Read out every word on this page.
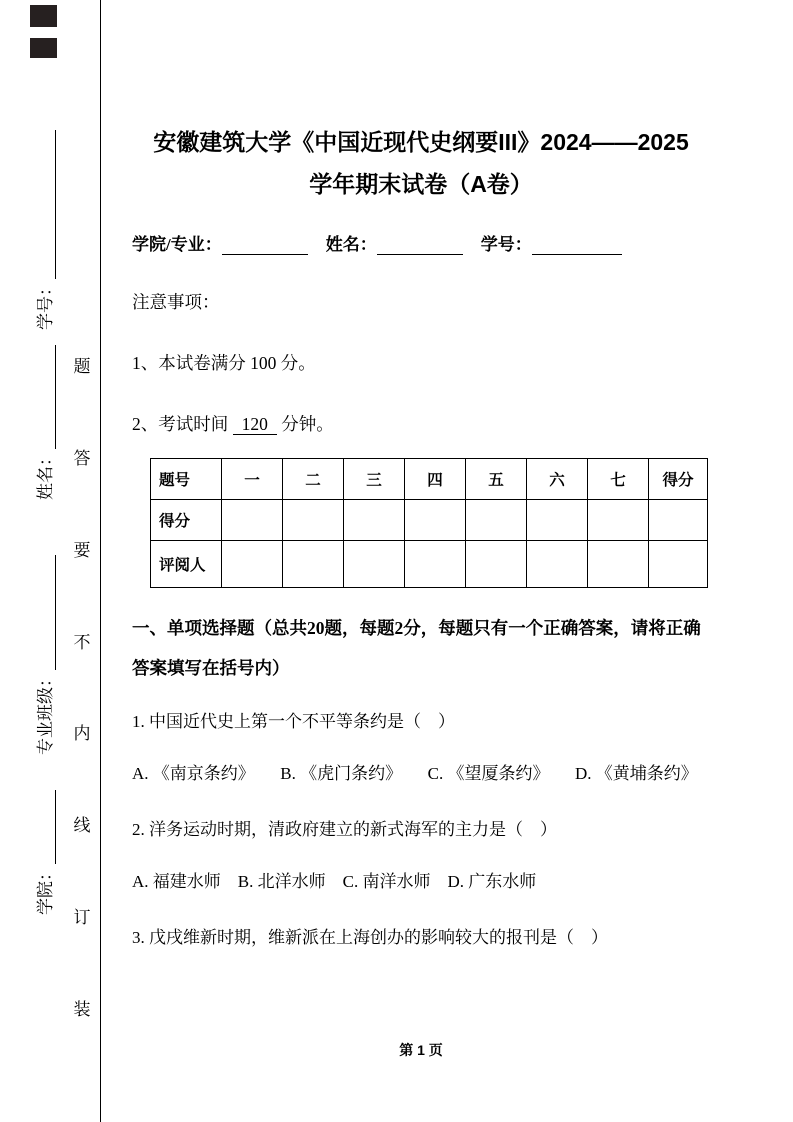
学号：
姓名：
专业班级：
学院：
题
答
要
不
内
线
订
装
安徽建筑大学《中国近现代史纲要III》2024——2025
学年期末试卷（A卷）
学院/专业：	姓名：	学号：
注意事项：
1、本试卷满分 100 分。
2、考试时间 120 分钟。
题号	一	二	三	四	五	六	七	得分
得分								
评阅人								
一、单项选择题（总共20题，每题2分，每题只有一个正确答案，请将正确答案填写在括号内）
1. 中国近代史上第一个不平等条约是（　）
A. 《南京条约》　　B. 《虎门条约》　　C. 《望厦条约》　　D. 《黄埔条约》
2. 洋务运动时期，清政府建立的新式海军的主力是（　）
A. 福建水师　B. 北洋水师　C. 南洋水师　D. 广东水师
3. 戊戌维新时期，维新派在上海创办的影响较大的报刊是（　）
第 1 页
